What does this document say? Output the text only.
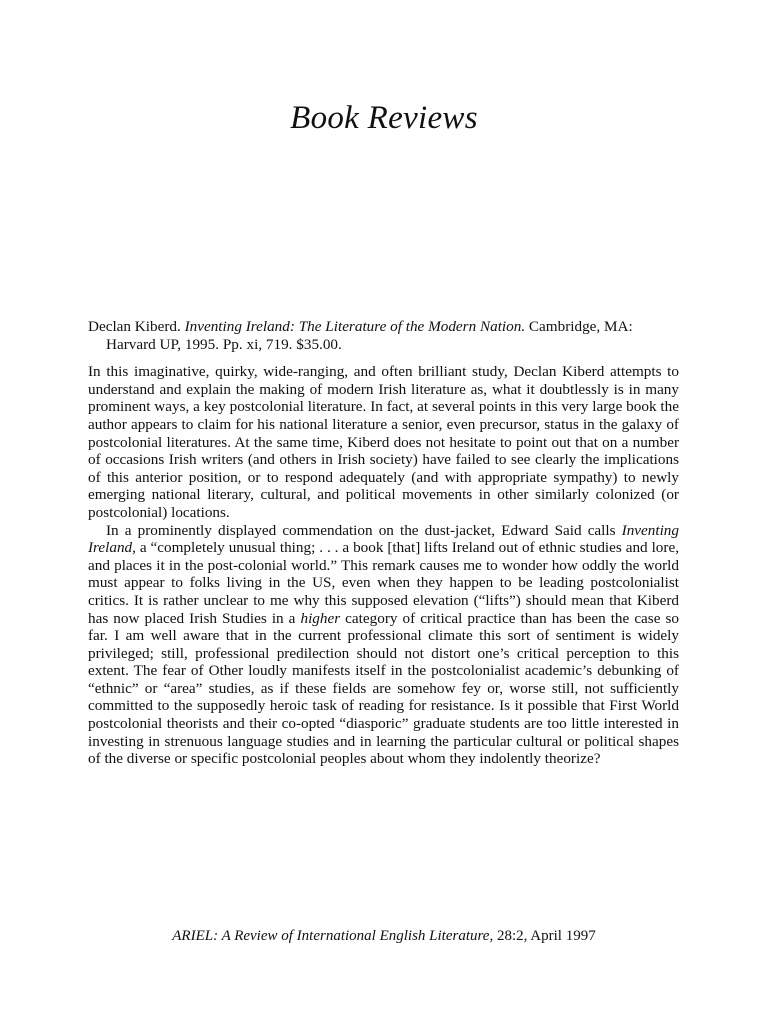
Book Reviews

Declan Kiberd. Inventing Ireland: The Literature of the Modern Nation. Cambridge, MA: Harvard UP, 1995. Pp. xi, 719. $35.00.

In this imaginative, quirky, wide-ranging, and often brilliant study, Declan Kiberd attempts to understand and explain the making of modern Irish literature as, what it doubtlessly is in many prominent ways, a key postcolonial literature. In fact, at several points in this very large book the author appears to claim for his national literature a senior, even precursor, status in the galaxy of postcolonial literatures. At the same time, Kiberd does not hesitate to point out that on a number of occasions Irish writers (and others in Irish society) have failed to see clearly the implications of this anterior position, or to respond adequately (and with appropriate sympathy) to newly emerging national literary, cultural, and political movements in other similarly colonized (or postcolonial) locations.

In a prominently displayed commendation on the dust-jacket, Edward Said calls Inventing Ireland, a “completely unusual thing; . . . a book [that] lifts Ireland out of ethnic studies and lore, and places it in the post-colonial world.” This remark causes me to wonder how oddly the world must appear to folks living in the US, even when they happen to be leading postcolonialist critics. It is rather unclear to me why this supposed elevation (“lifts”) should mean that Kiberd has now placed Irish Studies in a higher category of critical practice than has been the case so far. I am well aware that in the current professional climate this sort of sentiment is widely privileged; still, professional predilection should not distort one’s critical perception to this extent. The fear of Other loudly manifests itself in the postcolonialist academic’s debunking of “ethnic” or “area” studies, as if these fields are somehow fey or, worse still, not sufficiently committed to the supposedly heroic task of reading for resistance. Is it possible that First World postcolonial theorists and their co-opted “diasporic” graduate students are too little interested in investing in strenuous language studies and in learning the particular cultural or political shapes of the diverse or specific postcolonial peoples about whom they indolently theorize?

ARIEL: A Review of International English Literature, 28:2, April 1997
